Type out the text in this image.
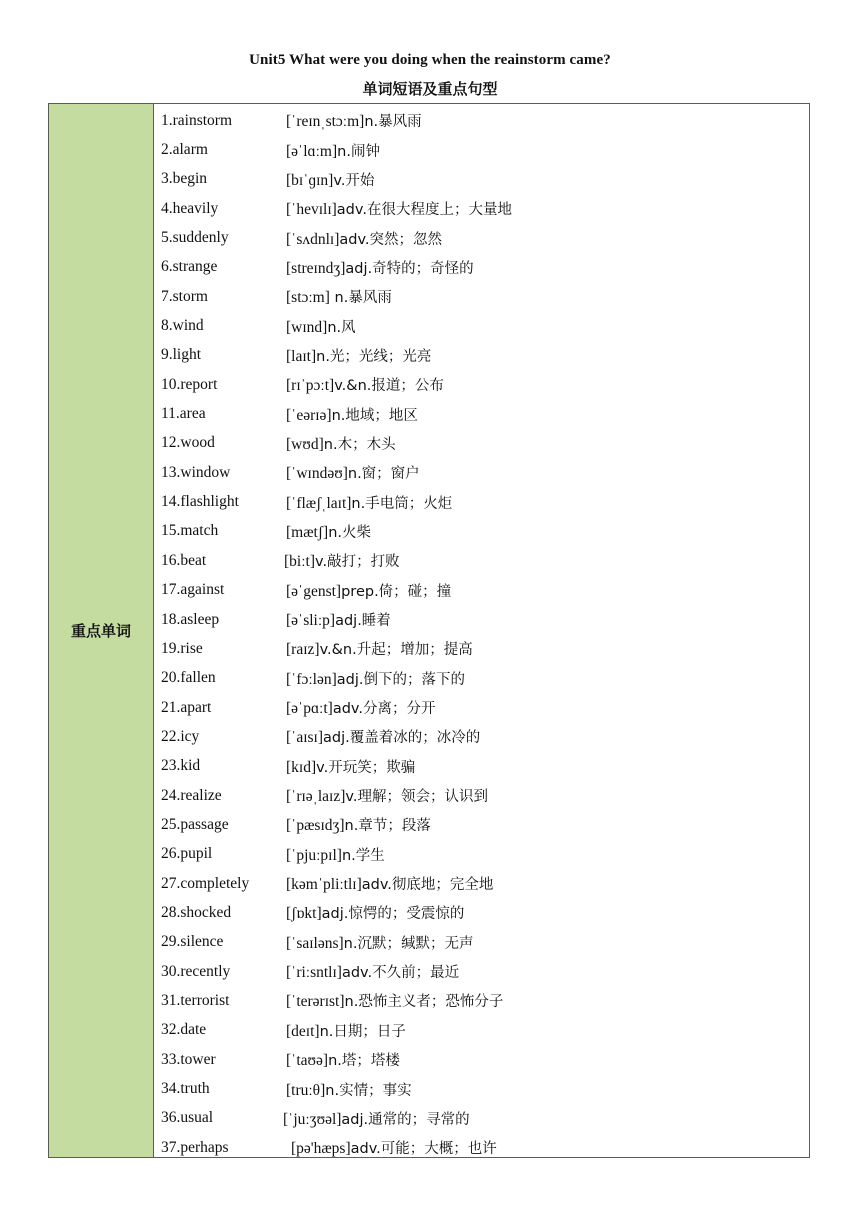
Unit5 What were you doing when the reainstorm came?
单词短语及重点句型
重点单词
1.rainstorm	[ˈreɪnˌstɔːm]n.暴风雨
2.alarm	[əˈlɑːm]n.闹钟
3.begin	[bɪˈɡɪn]v.开始
4.heavily	[ˈhevɪlɪ]adv.在很大程度上；大量地
5.suddenly	[ˈsʌdnlɪ]adv.突然；忽然
6.strange	[streɪndʒ]adj.奇特的；奇怪的
7.storm	[stɔːm] n.暴风雨
8.wind	[wɪnd]n.风
9.light	[laɪt]n.光；光线；光亮
10.report	[rɪˈpɔːt]v.&n.报道；公布
11.area	[ˈeərɪə]n.地域；地区
12.wood	[wʊd]n.木；木头
13.window	[ˈwɪndəʊ]n.窗；窗户
14.flashlight	[ˈflæʃˌlaɪt]n.手电筒；火炬
15.match	[mætʃ]n.火柴
16.beat	[biːt]v.敲打；打败
17.against	[əˈgenst]prep.倚；碰；撞
18.asleep	[əˈsliːp]adj.睡着
19.rise	[raɪz]v.&n.升起；增加；提高
20.fallen	[ˈfɔːlən]adj.倒下的；落下的
21.apart	[əˈpɑːt]adv.分离；分开
22.icy	[ˈaɪsɪ]adj.覆盖着冰的；冰冷的
23.kid	[kɪd]v.开玩笑；欺骗
24.realize	[ˈrɪəˌlaɪz]v.理解；领会；认识到
25.passage	[ˈpæsɪdʒ]n.章节；段落
26.pupil	[ˈpjuːpɪl]n.学生
27.completely	[kəmˈpliːtlɪ]adv.彻底地；完全地
28.shocked	[ʃɒkt]adj.惊愕的；受震惊的
29.silence	[ˈsaɪləns]n.沉默；缄默；无声
30.recently	[ˈriːsntlɪ]adv.不久前；最近
31.terrorist	[ˈterərɪst]n.恐怖主义者；恐怖分子
32.date	[deɪt]n.日期；日子
33.tower	[ˈtaʊə]n.塔；塔楼
34.truth	[truːθ]n.实情；事实
36.usual	[ˈjuːʒʊəl]adj.通常的；寻常的
37.perhaps	[pə'hæps]adv.可能；大概；也许
